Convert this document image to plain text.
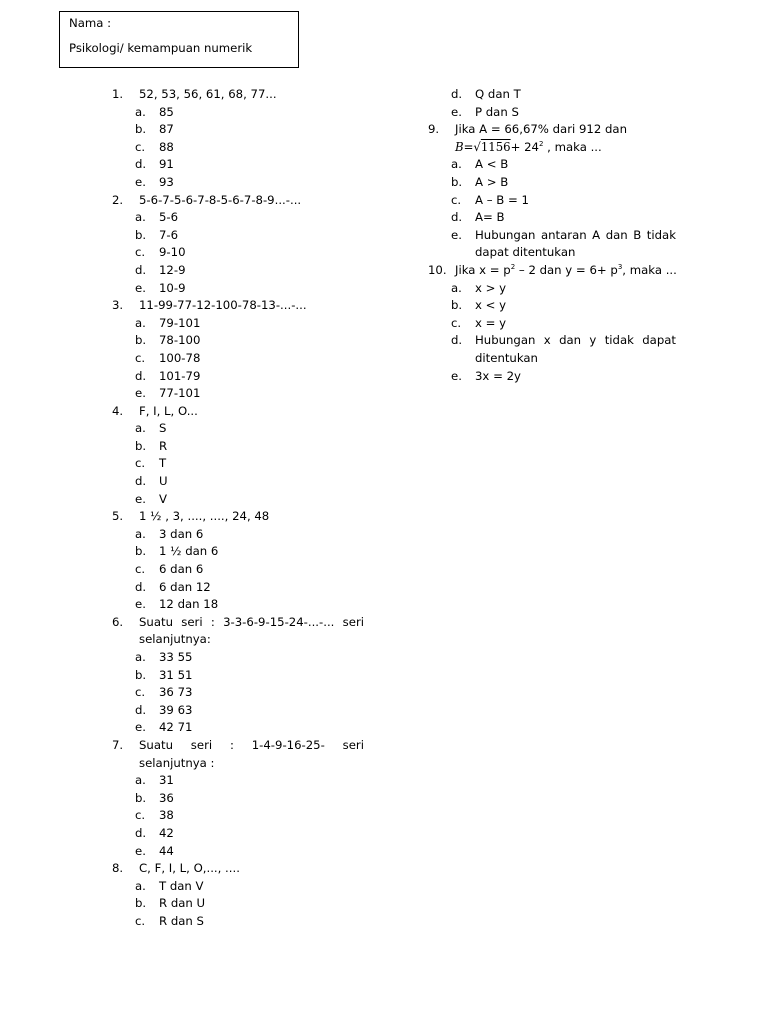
Nama :
Psikologi/ kemampuan numerik
1.	52, 53, 56, 61, 68, 77...
a.	85
b.	87
c.	88
d.	91
e.	93
2.	5-6-7-5-6-7-8-5-6-7-8-9...-...
a.	5-6
b.	7-6
c.	9-10
d.	12-9
e.	10-9
3.	11-99-77-12-100-78-13-...-...
a.	79-101
b.	78-100
c.	100-78
d.	101-79
e.	77-101
4.	F, I, L, O...
a.	S
b.	R
c.	T
d.	U
e.	V
5.	1 ½ , 3, ...., ...., 24, 48
a.	3 dan 6
b.	1 ½ dan 6
c.	6 dan 6
d.	6 dan 12
e.	12 dan 18
6.	Suatu seri : 3-3-6-9-15-24-...-... seri
selanjutnya:
a.	33 55
b.	31 51
c.	36 73
d.	39 63
e.	42 71
7.	Suatu seri : 1-4-9-16-25- seri
selanjutnya :
a.	31
b.	36
c.	38
d.	42
e.	44
8.	C, F, I, L, O,..., ....
a.	T dan V
b.	R dan U
c.	R dan S
d.	Q dan T
e.	P dan S
9.	Jika A = 66,67% dari 912 dan
$B=√1156+ 24^2$ , maka ...
a.	A < B
b.	A > B
c.	A – B = 1
d.	A= B
e.	Hubungan antaran A dan B tidak
dapat ditentukan
10. Jika $x = p^2 - 2$ dan $y = 6+ p^3$, maka ...
a.	x > y
b.	x < y
c.	x = y
d.	Hubungan x dan y tidak dapat
ditentukan
e.	3x = 2y
